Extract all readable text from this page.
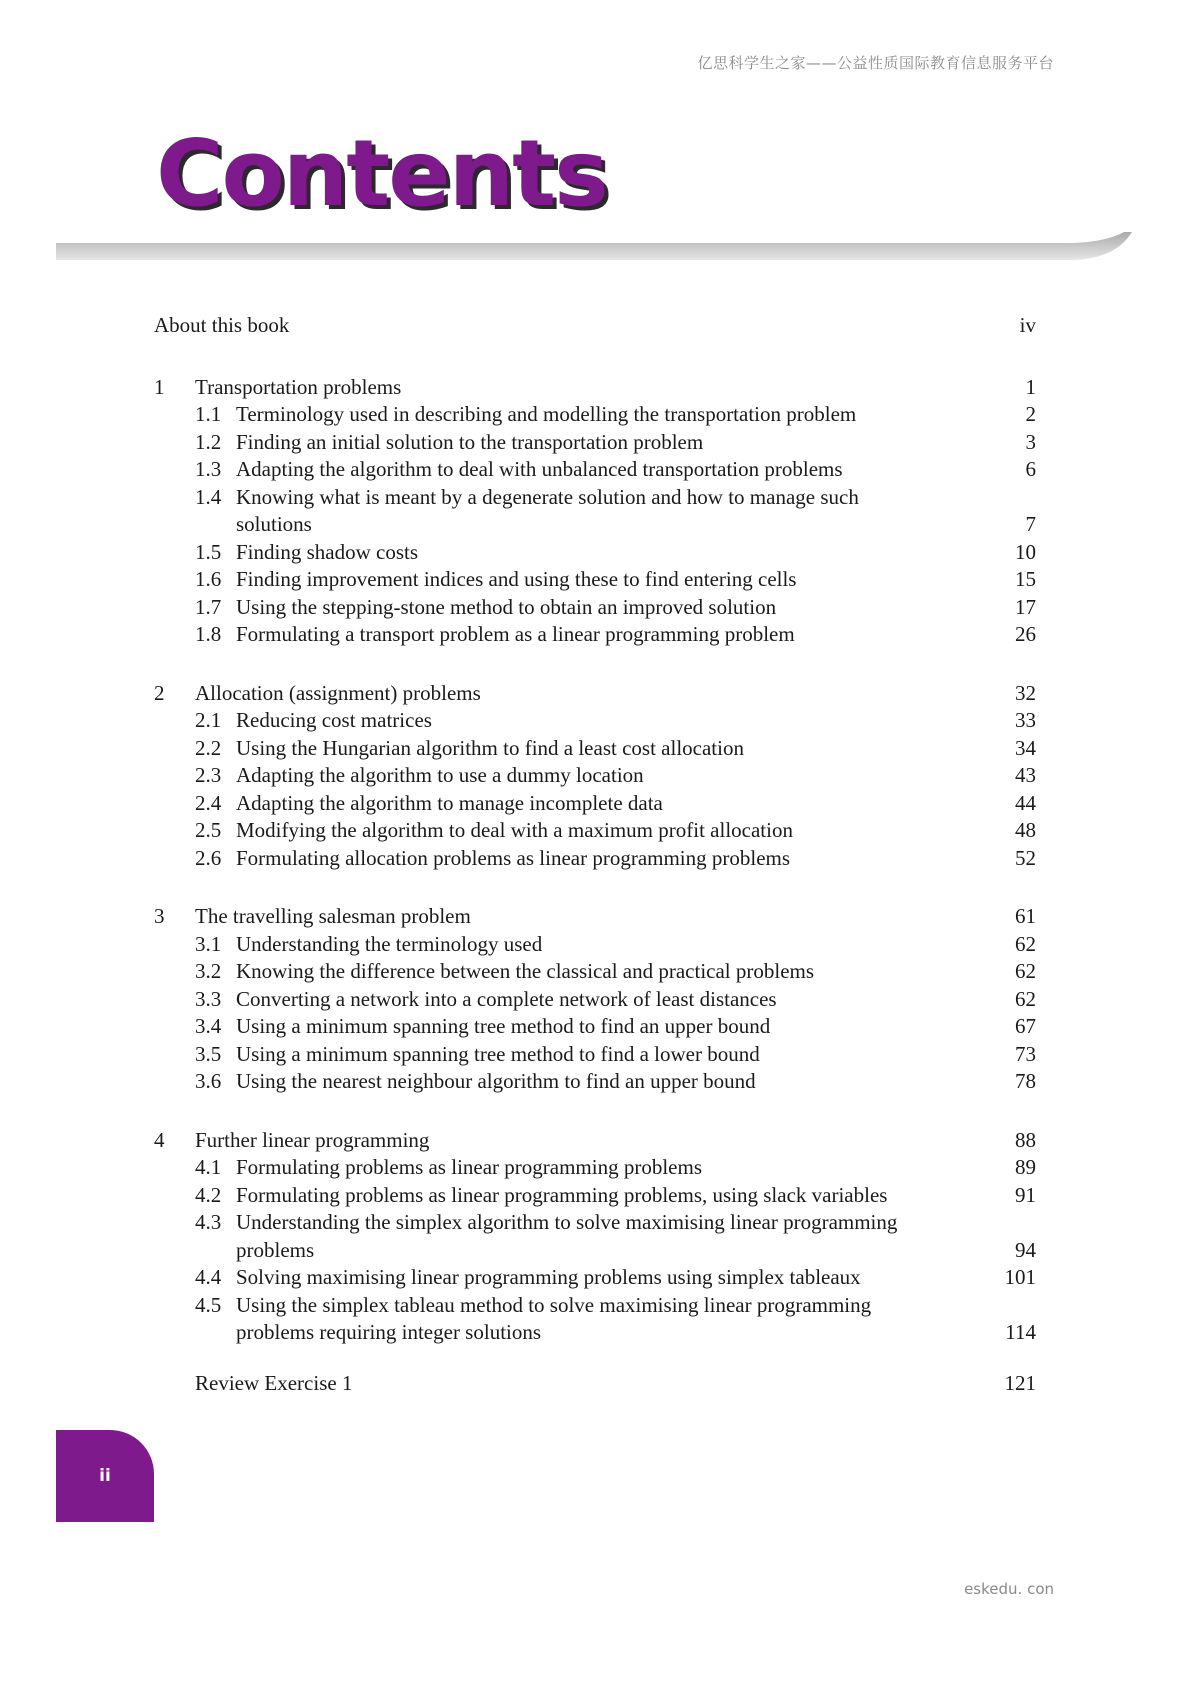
亿思科学生之家——公益性质国际教育信息服务平台
Contents
About this book	iv
1	Transportation problems	1
1.1 Terminology used in describing and modelling the transportation problem	2
1.2 Finding an initial solution to the transportation problem	3
1.3 Adapting the algorithm to deal with unbalanced transportation problems	6
1.4 Knowing what is meant by a degenerate solution and how to manage such
solutions	7
1.5 Finding shadow costs	10
1.6 Finding improvement indices and using these to find entering cells	15
1.7 Using the stepping-stone method to obtain an improved solution	17
1.8 Formulating a transport problem as a linear programming problem	26
2	Allocation (assignment) problems	32
2.1 Reducing cost matrices	33
2.2 Using the Hungarian algorithm to find a least cost allocation	34
2.3 Adapting the algorithm to use a dummy location	43
2.4 Adapting the algorithm to manage incomplete data	44
2.5 Modifying the algorithm to deal with a maximum profit allocation	48
2.6 Formulating allocation problems as linear programming problems	52
3	The travelling salesman problem	61
3.1 Understanding the terminology used	62
3.2 Knowing the difference between the classical and practical problems	62
3.3 Converting a network into a complete network of least distances	62
3.4 Using a minimum spanning tree method to find an upper bound	67
3.5 Using a minimum spanning tree method to find a lower bound	73
3.6 Using the nearest neighbour algorithm to find an upper bound	78
4	Further linear programming	88
4.1 Formulating problems as linear programming problems	89
4.2 Formulating problems as linear programming problems, using slack variables	91
4.3 Understanding the simplex algorithm to solve maximising linear programming
problems	94
4.4 Solving maximising linear programming problems using simplex tableaux	101
4.5 Using the simplex tableau method to solve maximising linear programming
problems requiring integer solutions	114
Review Exercise 1	121
ii
eskedu. con
